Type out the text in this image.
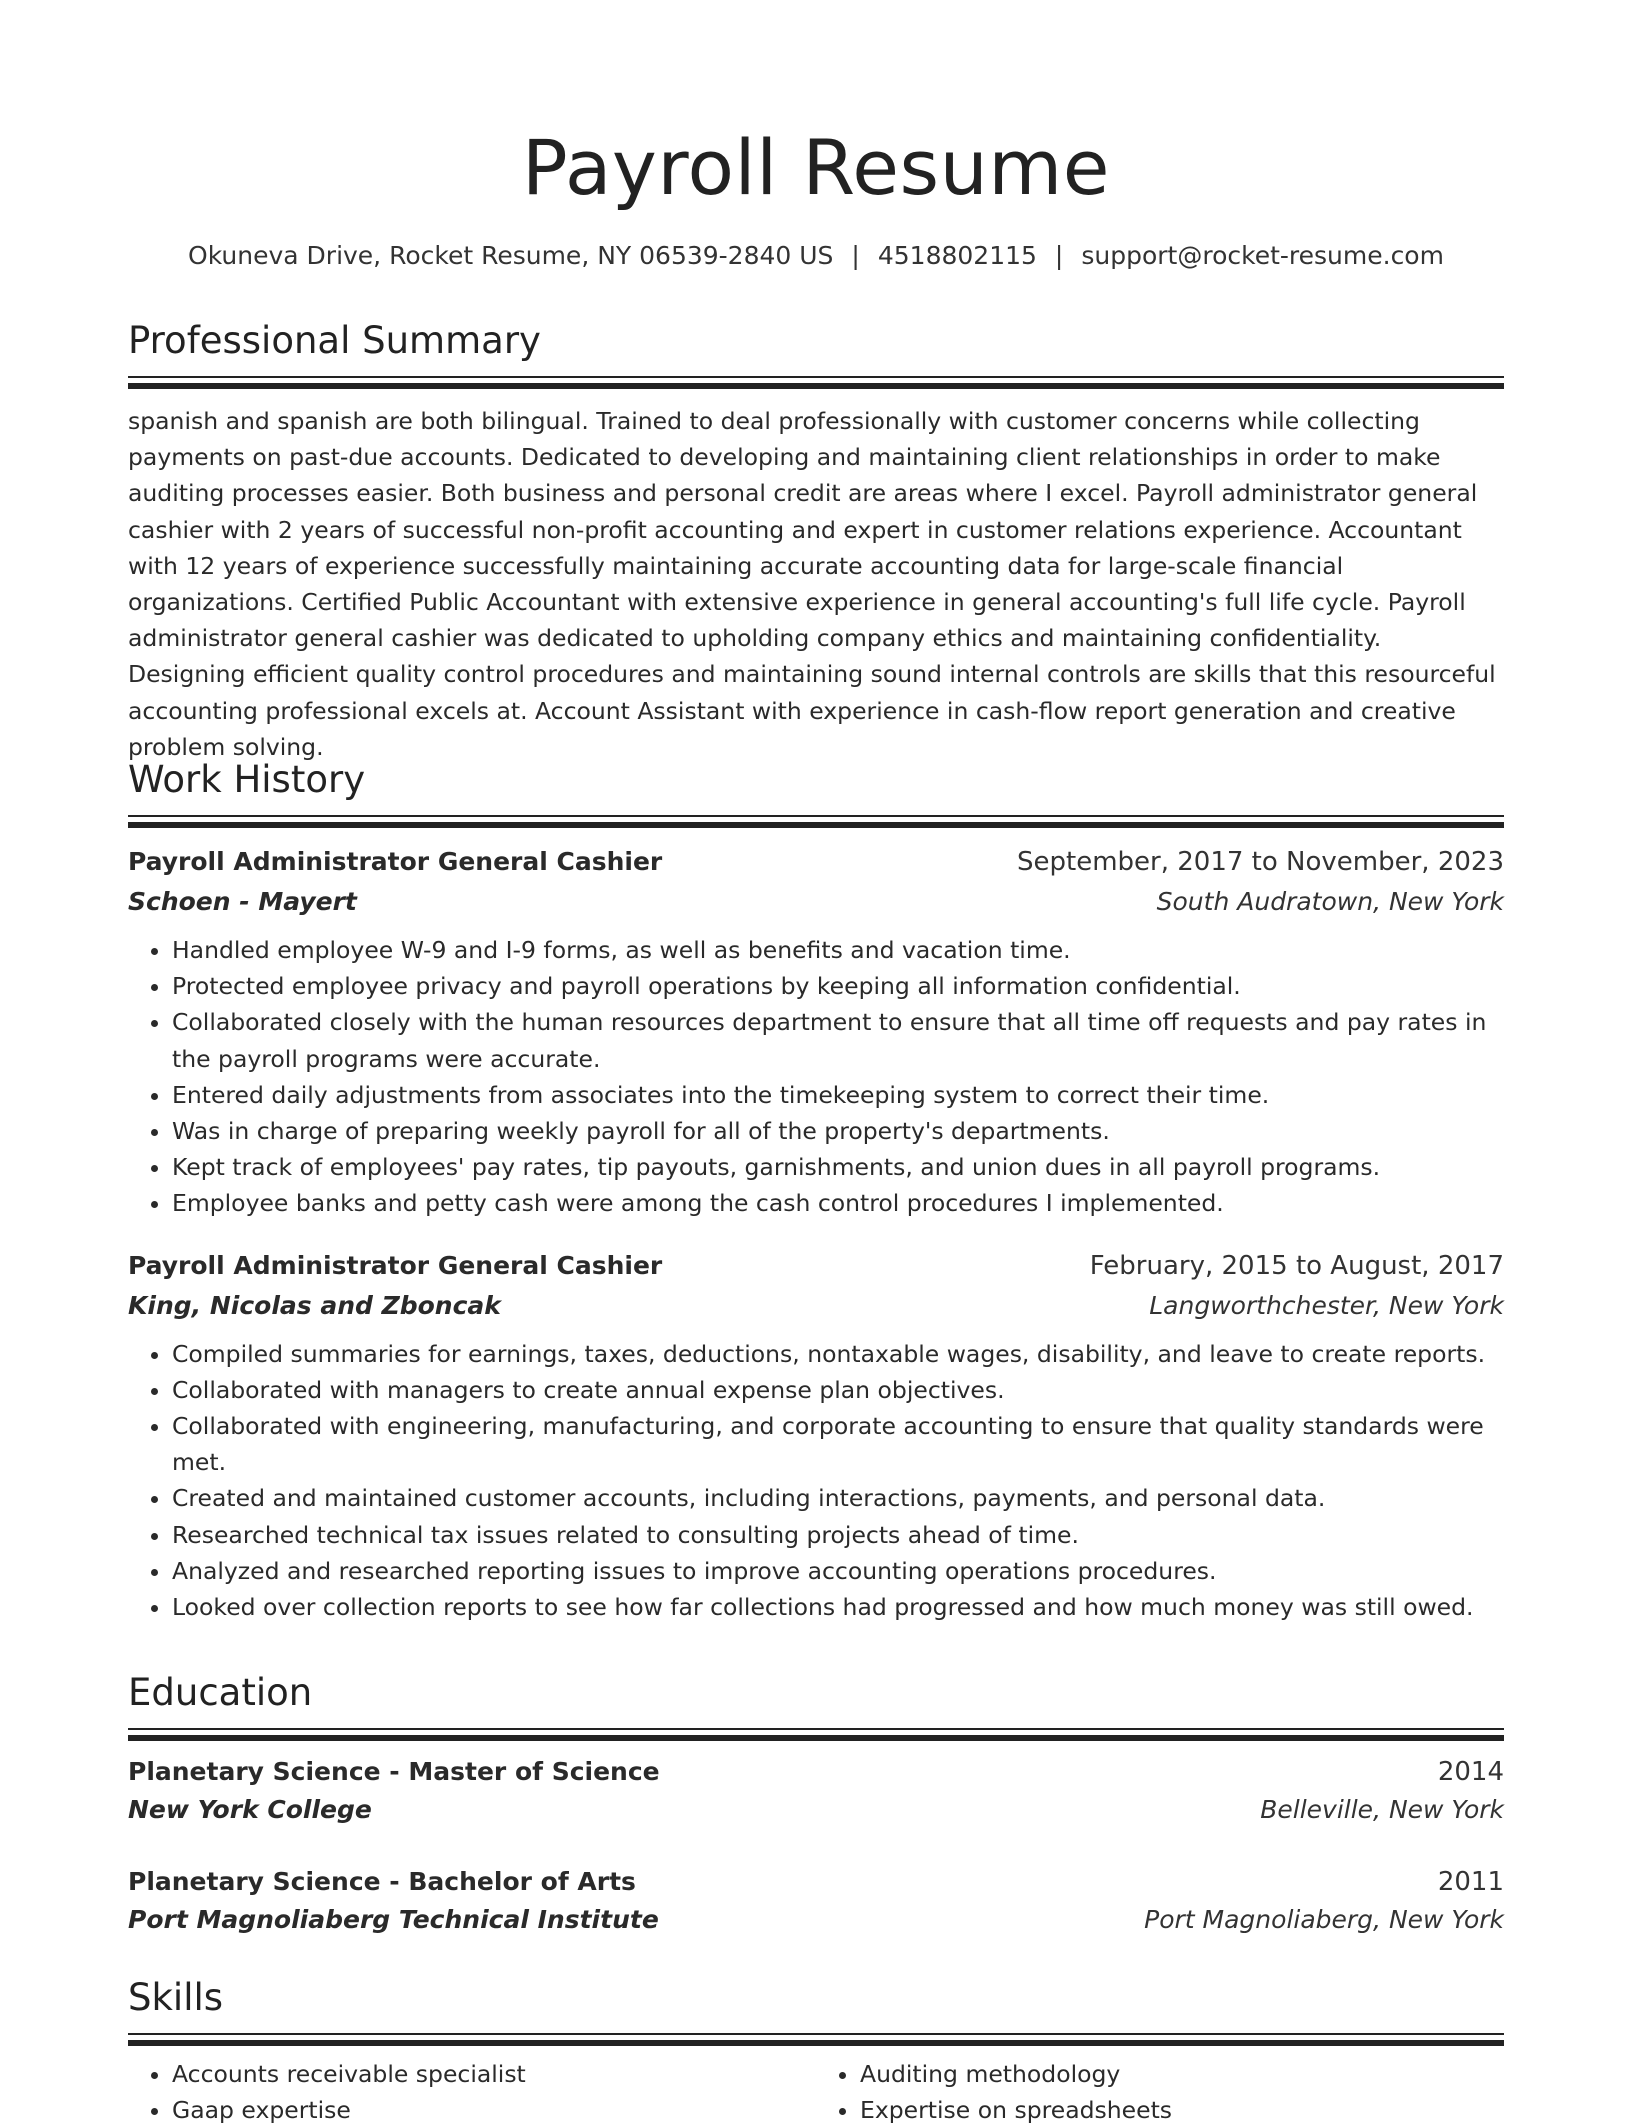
Payroll Resume
Okuneva Drive, Rocket Resume, NY 06539-2840 US | 4518802115 | support@rocket-resume.com
Professional Summary
spanish and spanish are both bilingual. Trained to deal professionally with customer concerns while collecting payments on past-due accounts. Dedicated to developing and maintaining client relationships in order to make auditing processes easier. Both business and personal credit are areas where I excel. Payroll administrator general cashier with 2 years of successful non-profit accounting and expert in customer relations experience. Accountant with 12 years of experience successfully maintaining accurate accounting data for large-scale financial organizations. Certified Public Accountant with extensive experience in general accounting's full life cycle. Payroll administrator general cashier was dedicated to upholding company ethics and maintaining confidentiality. Designing efficient quality control procedures and maintaining sound internal controls are skills that this resourceful accounting professional excels at. Account Assistant with experience in cash-flow report generation and creative problem solving.
Work History
Payroll Administrator General Cashier	September, 2017 to November, 2023
Schoen - Mayert	South Audratown, New York
• Handled employee W-9 and I-9 forms, as well as benefits and vacation time.
• Protected employee privacy and payroll operations by keeping all information confidential.
• Collaborated closely with the human resources department to ensure that all time off requests and pay rates in the payroll programs were accurate.
• Entered daily adjustments from associates into the timekeeping system to correct their time.
• Was in charge of preparing weekly payroll for all of the property's departments.
• Kept track of employees' pay rates, tip payouts, garnishments, and union dues in all payroll programs.
• Employee banks and petty cash were among the cash control procedures I implemented.
Payroll Administrator General Cashier	February, 2015 to August, 2017
King, Nicolas and Zboncak	Langworthchester, New York
• Compiled summaries for earnings, taxes, deductions, nontaxable wages, disability, and leave to create reports.
• Collaborated with managers to create annual expense plan objectives.
• Collaborated with engineering, manufacturing, and corporate accounting to ensure that quality standards were met.
• Created and maintained customer accounts, including interactions, payments, and personal data.
• Researched technical tax issues related to consulting projects ahead of time.
• Analyzed and researched reporting issues to improve accounting operations procedures.
• Looked over collection reports to see how far collections had progressed and how much money was still owed.
Education
Planetary Science - Master of Science	2014
New York College	Belleville, New York
Planetary Science - Bachelor of Arts	2011
Port Magnoliaberg Technical Institute	Port Magnoliaberg, New York
Skills
• Accounts receivable specialist
• Gaap expertise
• Auditing methodology
• Expertise on spreadsheets
